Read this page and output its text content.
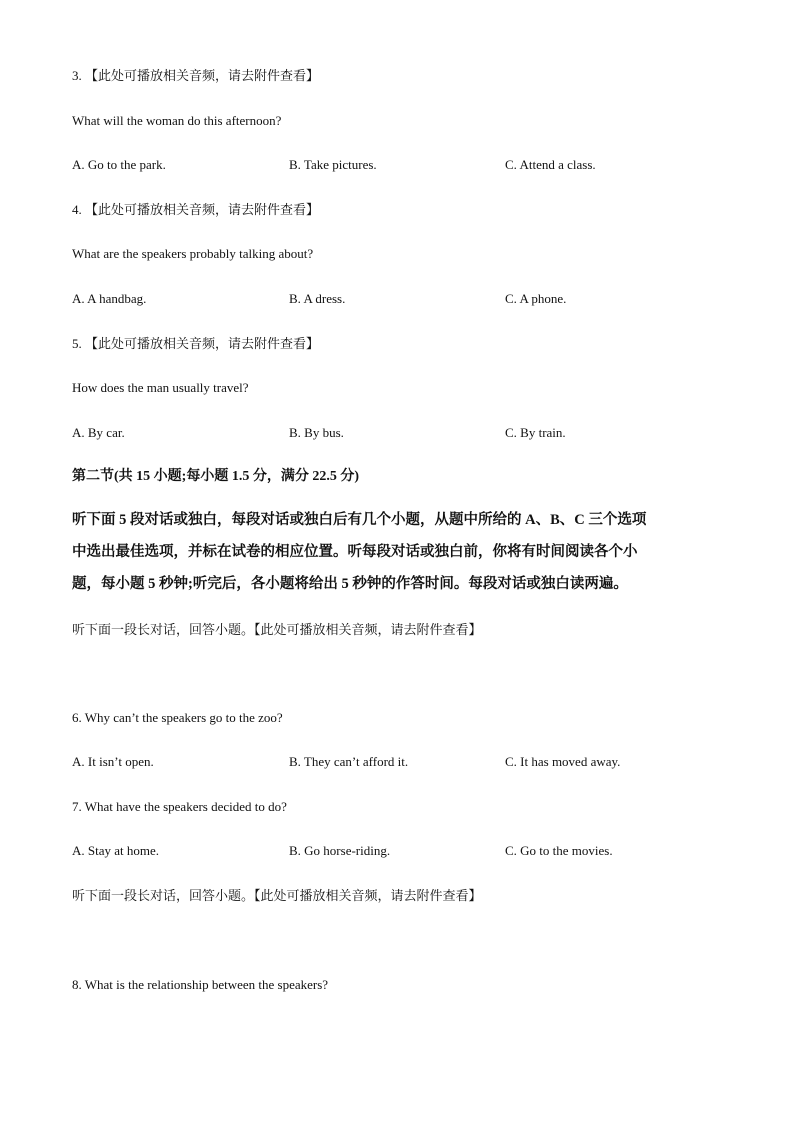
3. 【此处可播放相关音频，请去附件查看】
What will the woman do this afternoon?
A. Go to the park.	B. Take pictures.	C. Attend a class.
4. 【此处可播放相关音频，请去附件查看】
What are the speakers probably talking about?
A. A handbag.	B. A dress.	C. A phone.
5. 【此处可播放相关音频，请去附件查看】
How does the man usually travel?
A. By car.	B. By bus.	C. By train.
第二节(共 15 小题;每小题 1.5 分，满分 22.5 分)
听下面 5 段对话或独白，每段对话或独白后有几个小题，从题中所给的 A、B、C 三个选项
中选出最佳选项，并标在试卷的相应位置。听每段对话或独白前，你将有时间阅读各个小
题，每小题 5 秒钟;听完后，各小题将给出 5 秒钟的作答时间。每段对话或独白读两遍。
听下面一段长对话，回答小题。【此处可播放相关音频，请去附件查看】
6. Why can’t the speakers go to the zoo?
A. It isn’t open.	B. They can’t afford it.	C. It has moved away.
7. What have the speakers decided to do?
A. Stay at home.	B. Go horse-riding.	C. Go to the movies.
听下面一段长对话，回答小题。【此处可播放相关音频，请去附件查看】
8. What is the relationship between the speakers?
